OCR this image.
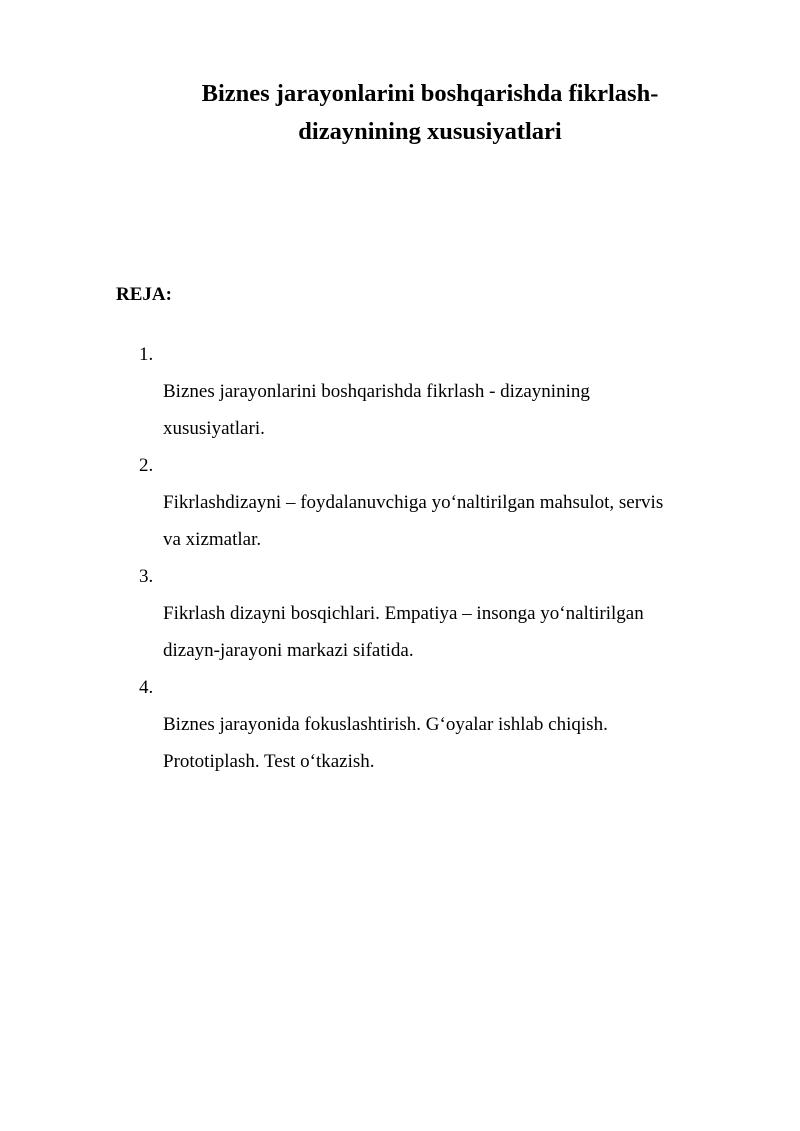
Biznes jarayonlarini boshqarishda fikrlash-
dizaynining xususiyatlari

REJA:

1.
Biznes jarayonlarini boshqarishda fikrlash - dizaynining
xususiyatlari.
2.
Fikrlashdizayni – foydalanuvchiga yo‘naltirilgan mahsulot, servis
va xizmatlar.
3.
Fikrlash dizayni bosqichlari. Empatiya – insonga yo‘naltirilgan
dizayn-jarayoni markazi sifatida.
4.
Biznes jarayonida fokuslashtirish. G‘oyalar ishlab chiqish.
Prototiplash. Test o‘tkazish.
